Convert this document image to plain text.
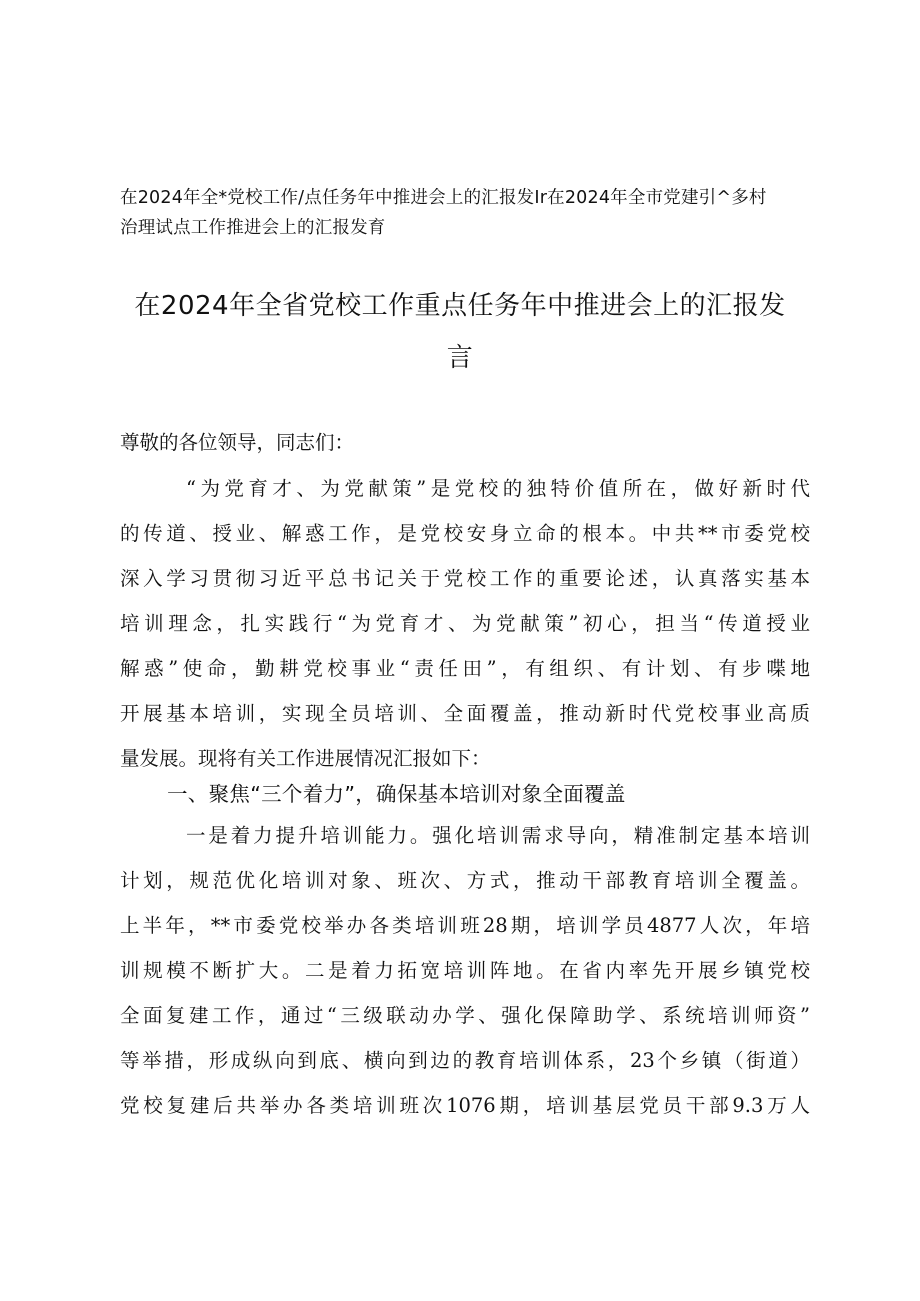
在2024年全*党校工作/点任务年中推进会上的汇报发Ir在2024年全市党建引^多村
治理试点工作推进会上的汇报发育
在2024年全省党校工作重点任务年中推进会上的汇报发
言
尊敬的各位领导，同志们：
“为党育才、为党献策”是党校的独特价值所在，做好新时代
的传道、授业、解惑工作，是党校安身立命的根本。中共**市委党校
深入学习贯彻习近平总书记关于党校工作的重要论述，认真落实基本
培训理念，扎实践行“为党育才、为党献策”初心，担当“传道授业
解惑”使命，勤耕党校事业“责任田”，有组织、有计划、有步喋地
开展基本培训，实现全员培训、全面覆盖，推动新时代党校事业高质
量发展。现将有关工作进展情况汇报如下：
一、聚焦“三个着力”，确保基本培训对象全面覆盖
一是着力提升培训能力。强化培训需求导向，精准制定基本培训
计划，规范优化培训对象、班次、方式，推动干部教育培训全覆盖。
上半年，**市委党校举办各类培训班28期，培训学员4877人次，年培
训规模不断扩大。二是着力拓宽培训阵地。在省内率先开展乡镇党校
全面复建工作，通过“三级联动办学、强化保障助学、系统培训师资”
等举措，形成纵向到底、横向到边的教育培训体系，23个乡镇（街道）
党校复建后共举办各类培训班次1076期，培训基层党员干部9.3万人
